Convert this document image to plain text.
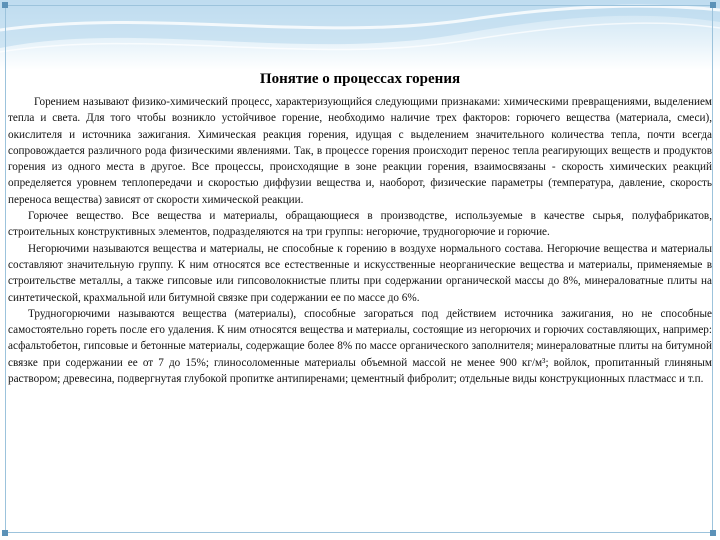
Понятие о процессах горения

Горением называют физико-химический процесс, характеризующийся следующими признаками: химическими превращениями, выделением тепла и света. Для того чтобы возникло устойчивое горение, необходимо наличие трех факторов: горючего вещества (материала, смеси), окислителя и источника зажигания. Химическая реакция горения, идущая с выделением значительного количества тепла, почти всегда сопровождается различного рода физическими явлениями. Так, в процессе горения происходит перенос тепла реагирующих веществ и продуктов горения из одного места в другое. Все процессы, происходящие в зоне реакции горения, взаимосвязаны - скорость химических реакций определяется уровнем теплопередачи и скоростью диффузии вещества и, наоборот, физические параметры (температура, давление, скорость переноса вещества) зависят от скорости химической реакции.

Горючее вещество. Все вещества и материалы, обращающиеся в производстве, используемые в качестве сырья, полуфабрикатов, строительных конструктивных элементов, подразделяются на три группы: негорючие, трудногорючие и горючие.

Негорючими называются вещества и материалы, не способные к горению в воздухе нормального состава. Негорючие вещества и материалы составляют значительную группу. К ним относятся все естественные и искусственные неорганические вещества и материалы, применяемые в строительстве металлы, а также гипсовые или гипсоволокнистые плиты при содержании органической массы до 8%, минераловатные плиты на синтетической, крахмальной или битумной связке при содержании ее по массе до 6%.

Трудногорючими называются вещества (материалы), способные загораться под действием источника зажигания, но не способные самостоятельно гореть после его удаления. К ним относятся вещества и материалы, состоящие из негорючих и горючих составляющих, например: асфальтобетон, гипсовые и бетонные материалы, содержащие более 8% по массе органического заполнителя; минераловатные плиты на битумной связке при содержании ее от 7 до 15%; глиносоломенные материалы объемной массой не менее 900 кг/м³; войлок, пропитанный глиняным раствором; древесина, подвергнутая глубокой пропитке антипиренами; цементный фибролит; отдельные виды конструкционных пластмасс и т.п.
